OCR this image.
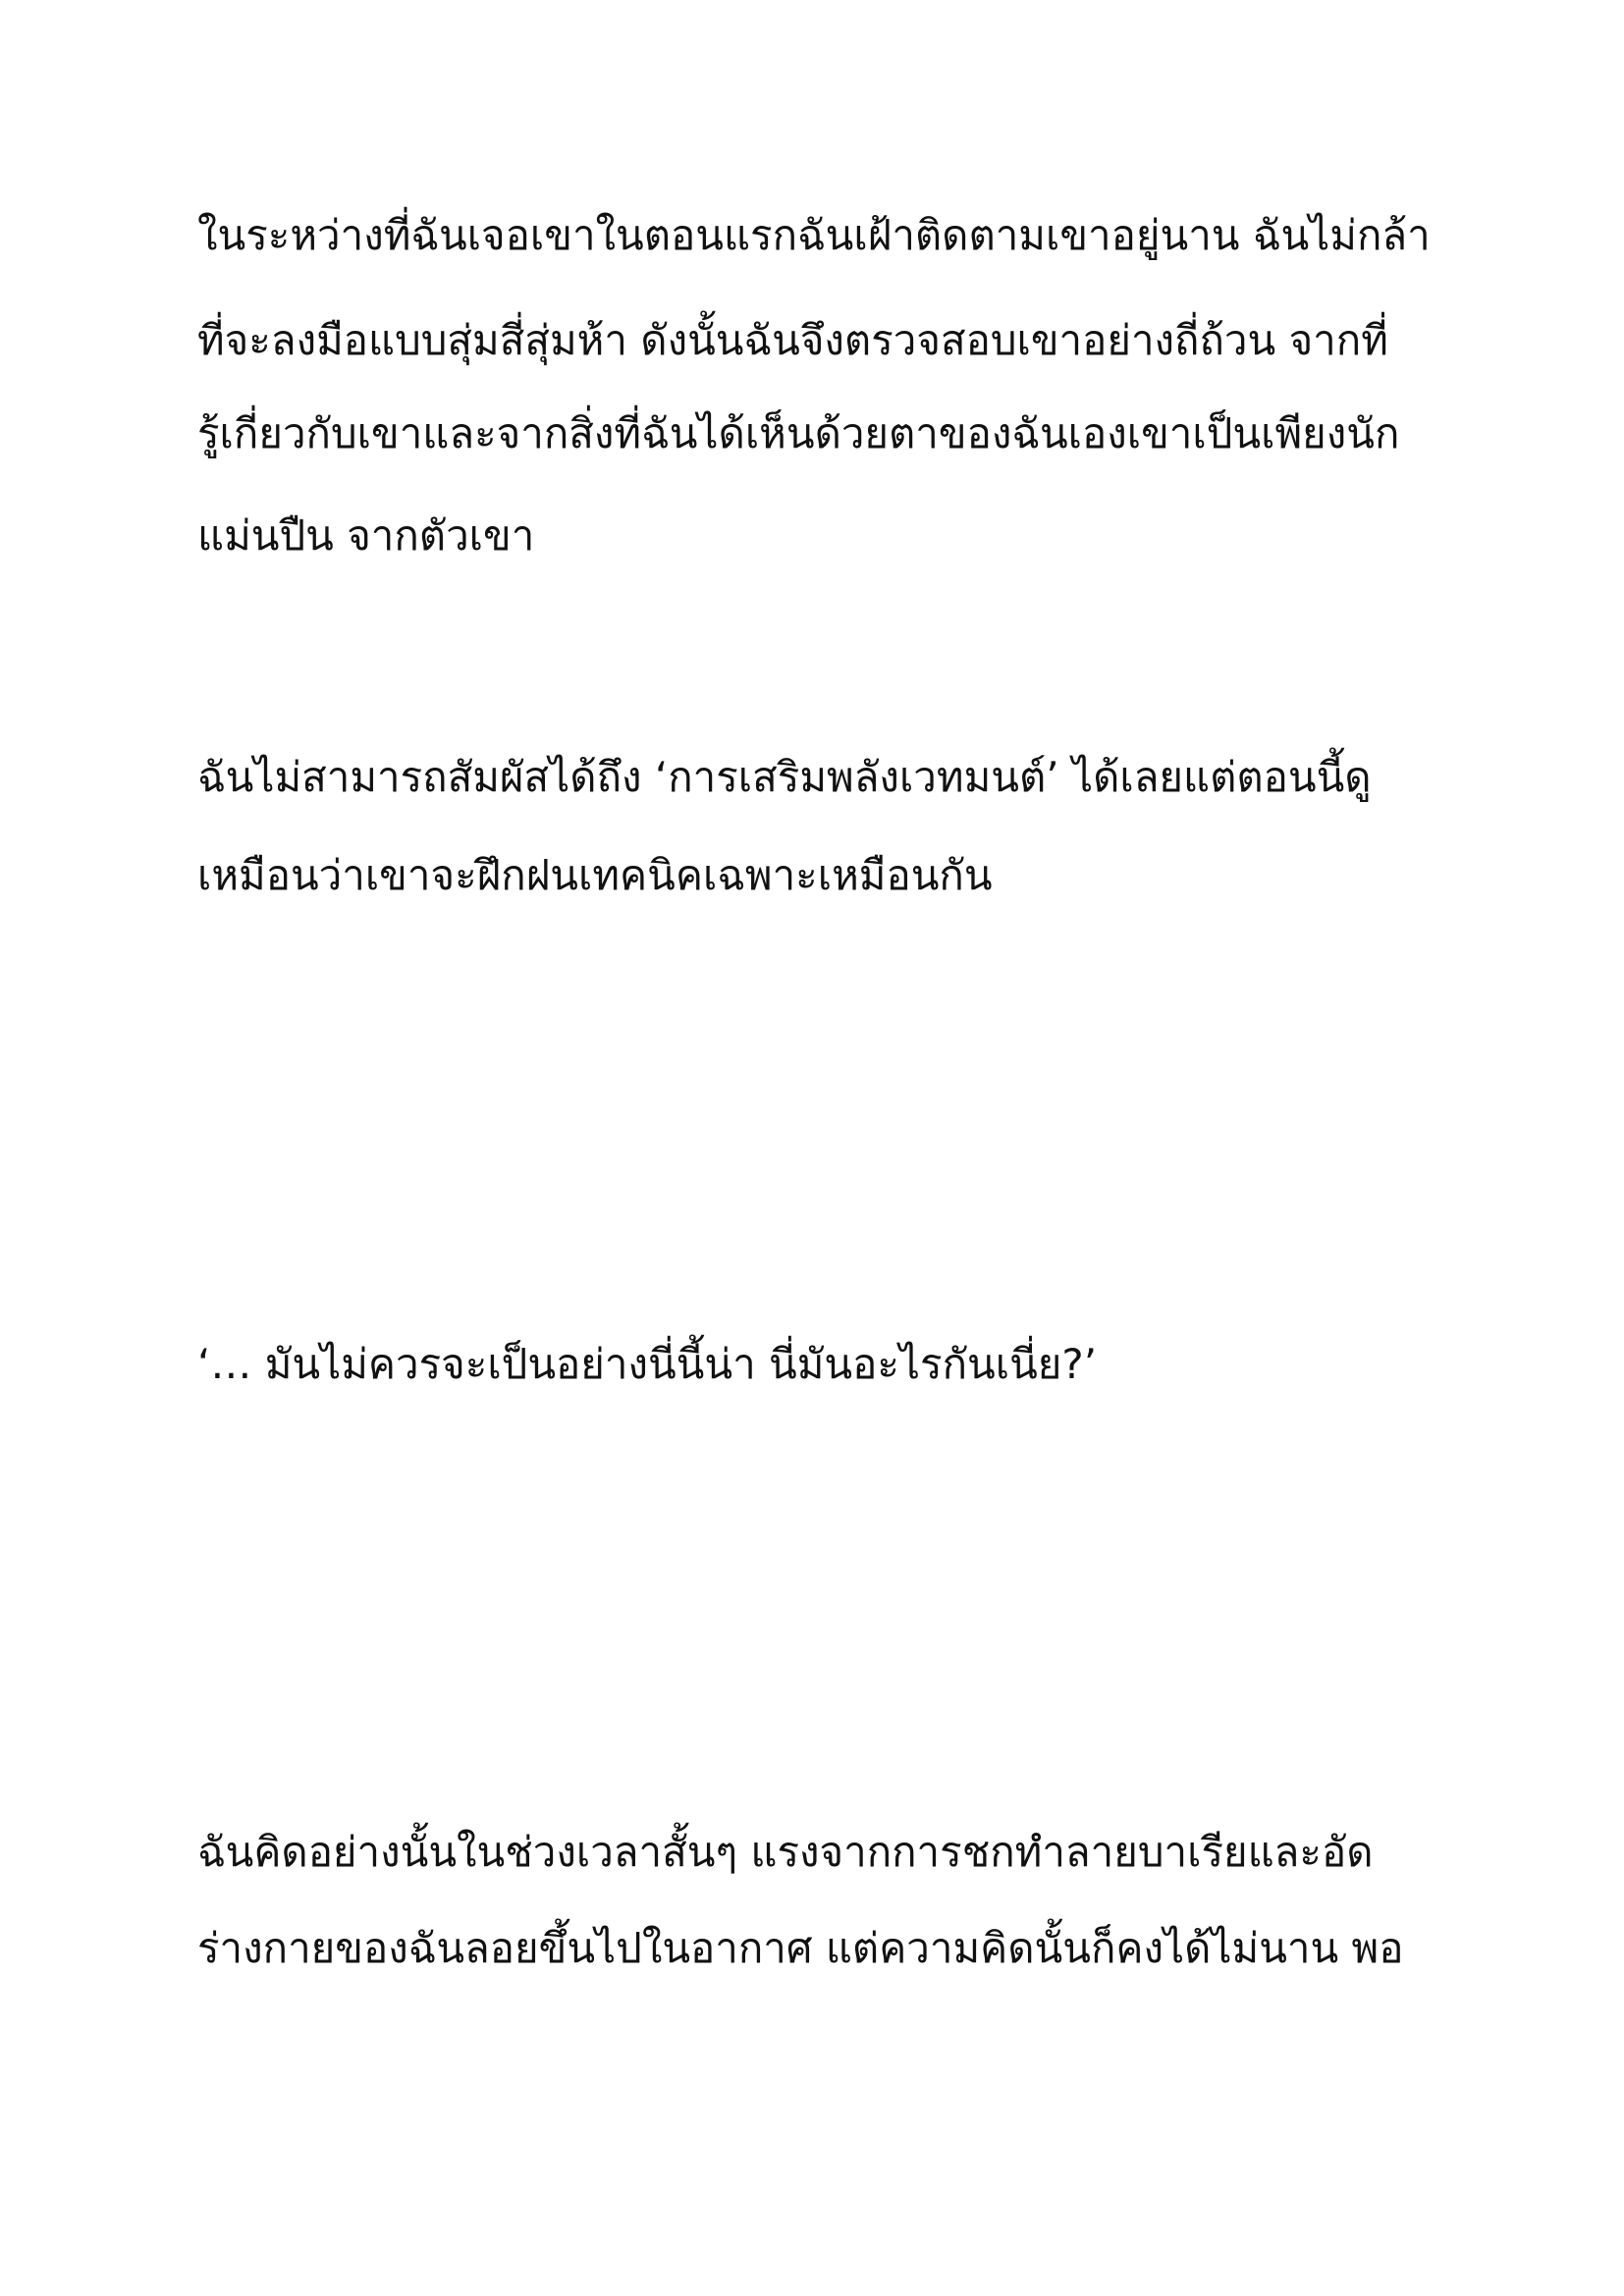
ในระหว่างที่ฉันเจอเขาในตอนแรกฉันเฝ้าติดตามเขาอยู่นาน ฉันไม่กล้า

ที่จะลงมือแบบสุ่มสี่สุ่มห้า ดังนั้นฉันจึงตรวจสอบเขาอย่างถี่ถ้วน จากที่

รู้เกี่ยวกับเขาและจากสิ่งที่ฉันได้เห็นด้วยตาของฉันเองเขาเป็นเพียงนัก

แม่นปืน จากตัวเขา

ฉันไม่สามารถสัมผัสได้ถึง ‘การเสริมพลังเวทมนต์’ ได้เลยแต่ตอนนี้ดู

เหมือนว่าเขาจะฝึกฝนเทคนิคเฉพาะเหมือนกัน

‘… มันไม่ควรจะเป็นอย่างนี่นี้น่า นี่มันอะไรกันเนี่ย?’

ฉันคิดอย่างนั้นในช่วงเวลาสั้นๆ แรงจากการชกทำลายบาเรียและอัด

ร่างกายของฉันลอยขึ้นไปในอากาศ แต่ความคิดนั้นก็คงได้ไม่นาน พอ
